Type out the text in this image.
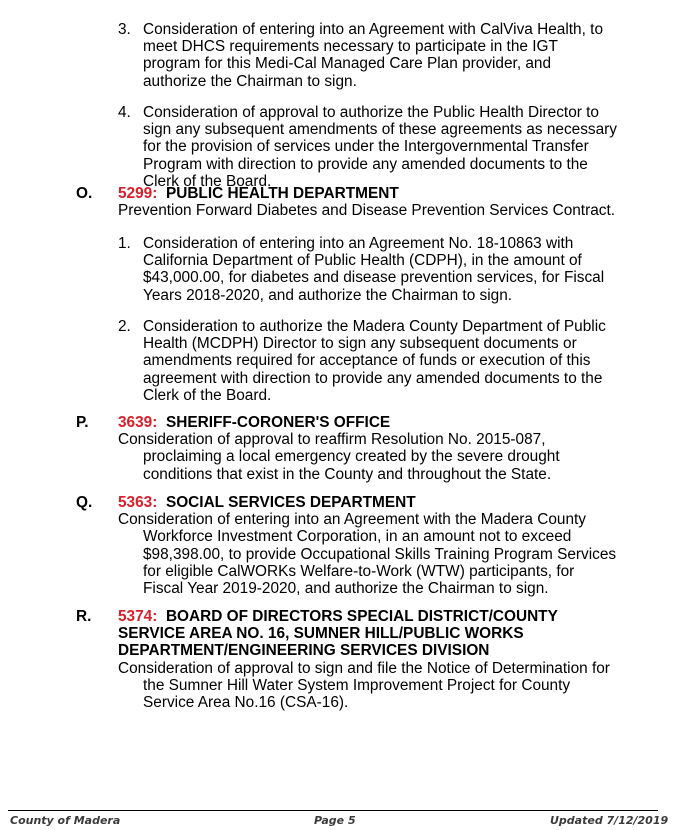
3. Consideration of entering into an Agreement with CalViva Health, to meet DHCS requirements necessary to participate in the IGT program for this Medi-Cal Managed Care Plan provider, and authorize the Chairman to sign.
4. Consideration of approval to authorize the Public Health Director to sign any subsequent amendments of these agreements as necessary for the provision of services under the Intergovernmental Transfer Program with direction to provide any amended documents to the Clerk of the Board.
O. 5299: PUBLIC HEALTH DEPARTMENT
Prevention Forward Diabetes and Disease Prevention Services Contract.
1. Consideration of entering into an Agreement No. 18-10863 with California Department of Public Health (CDPH), in the amount of $43,000.00, for diabetes and disease prevention services, for Fiscal Years 2018-2020, and authorize the Chairman to sign.
2. Consideration to authorize the Madera County Department of Public Health (MCDPH) Director to sign any subsequent documents or amendments required for acceptance of funds or execution of this agreement with direction to provide any amended documents to the Clerk of the Board.
P. 3639: SHERIFF-CORONER'S OFFICE
Consideration of approval to reaffirm Resolution No. 2015-087, proclaiming a local emergency created by the severe drought conditions that exist in the County and throughout the State.
Q. 5363: SOCIAL SERVICES DEPARTMENT
Consideration of entering into an Agreement with the Madera County Workforce Investment Corporation, in an amount not to exceed $98,398.00, to provide Occupational Skills Training Program Services for eligible CalWORKs Welfare-to-Work (WTW) participants, for Fiscal Year 2019-2020, and authorize the Chairman to sign.
R. 5374: BOARD OF DIRECTORS SPECIAL DISTRICT/COUNTY SERVICE AREA NO. 16, SUMNER HILL/PUBLIC WORKS DEPARTMENT/ENGINEERING SERVICES DIVISION
Consideration of approval to sign and file the Notice of Determination for the Sumner Hill Water System Improvement Project for County Service Area No.16 (CSA-16).
County of Madera	Page 5	Updated 7/12/2019
